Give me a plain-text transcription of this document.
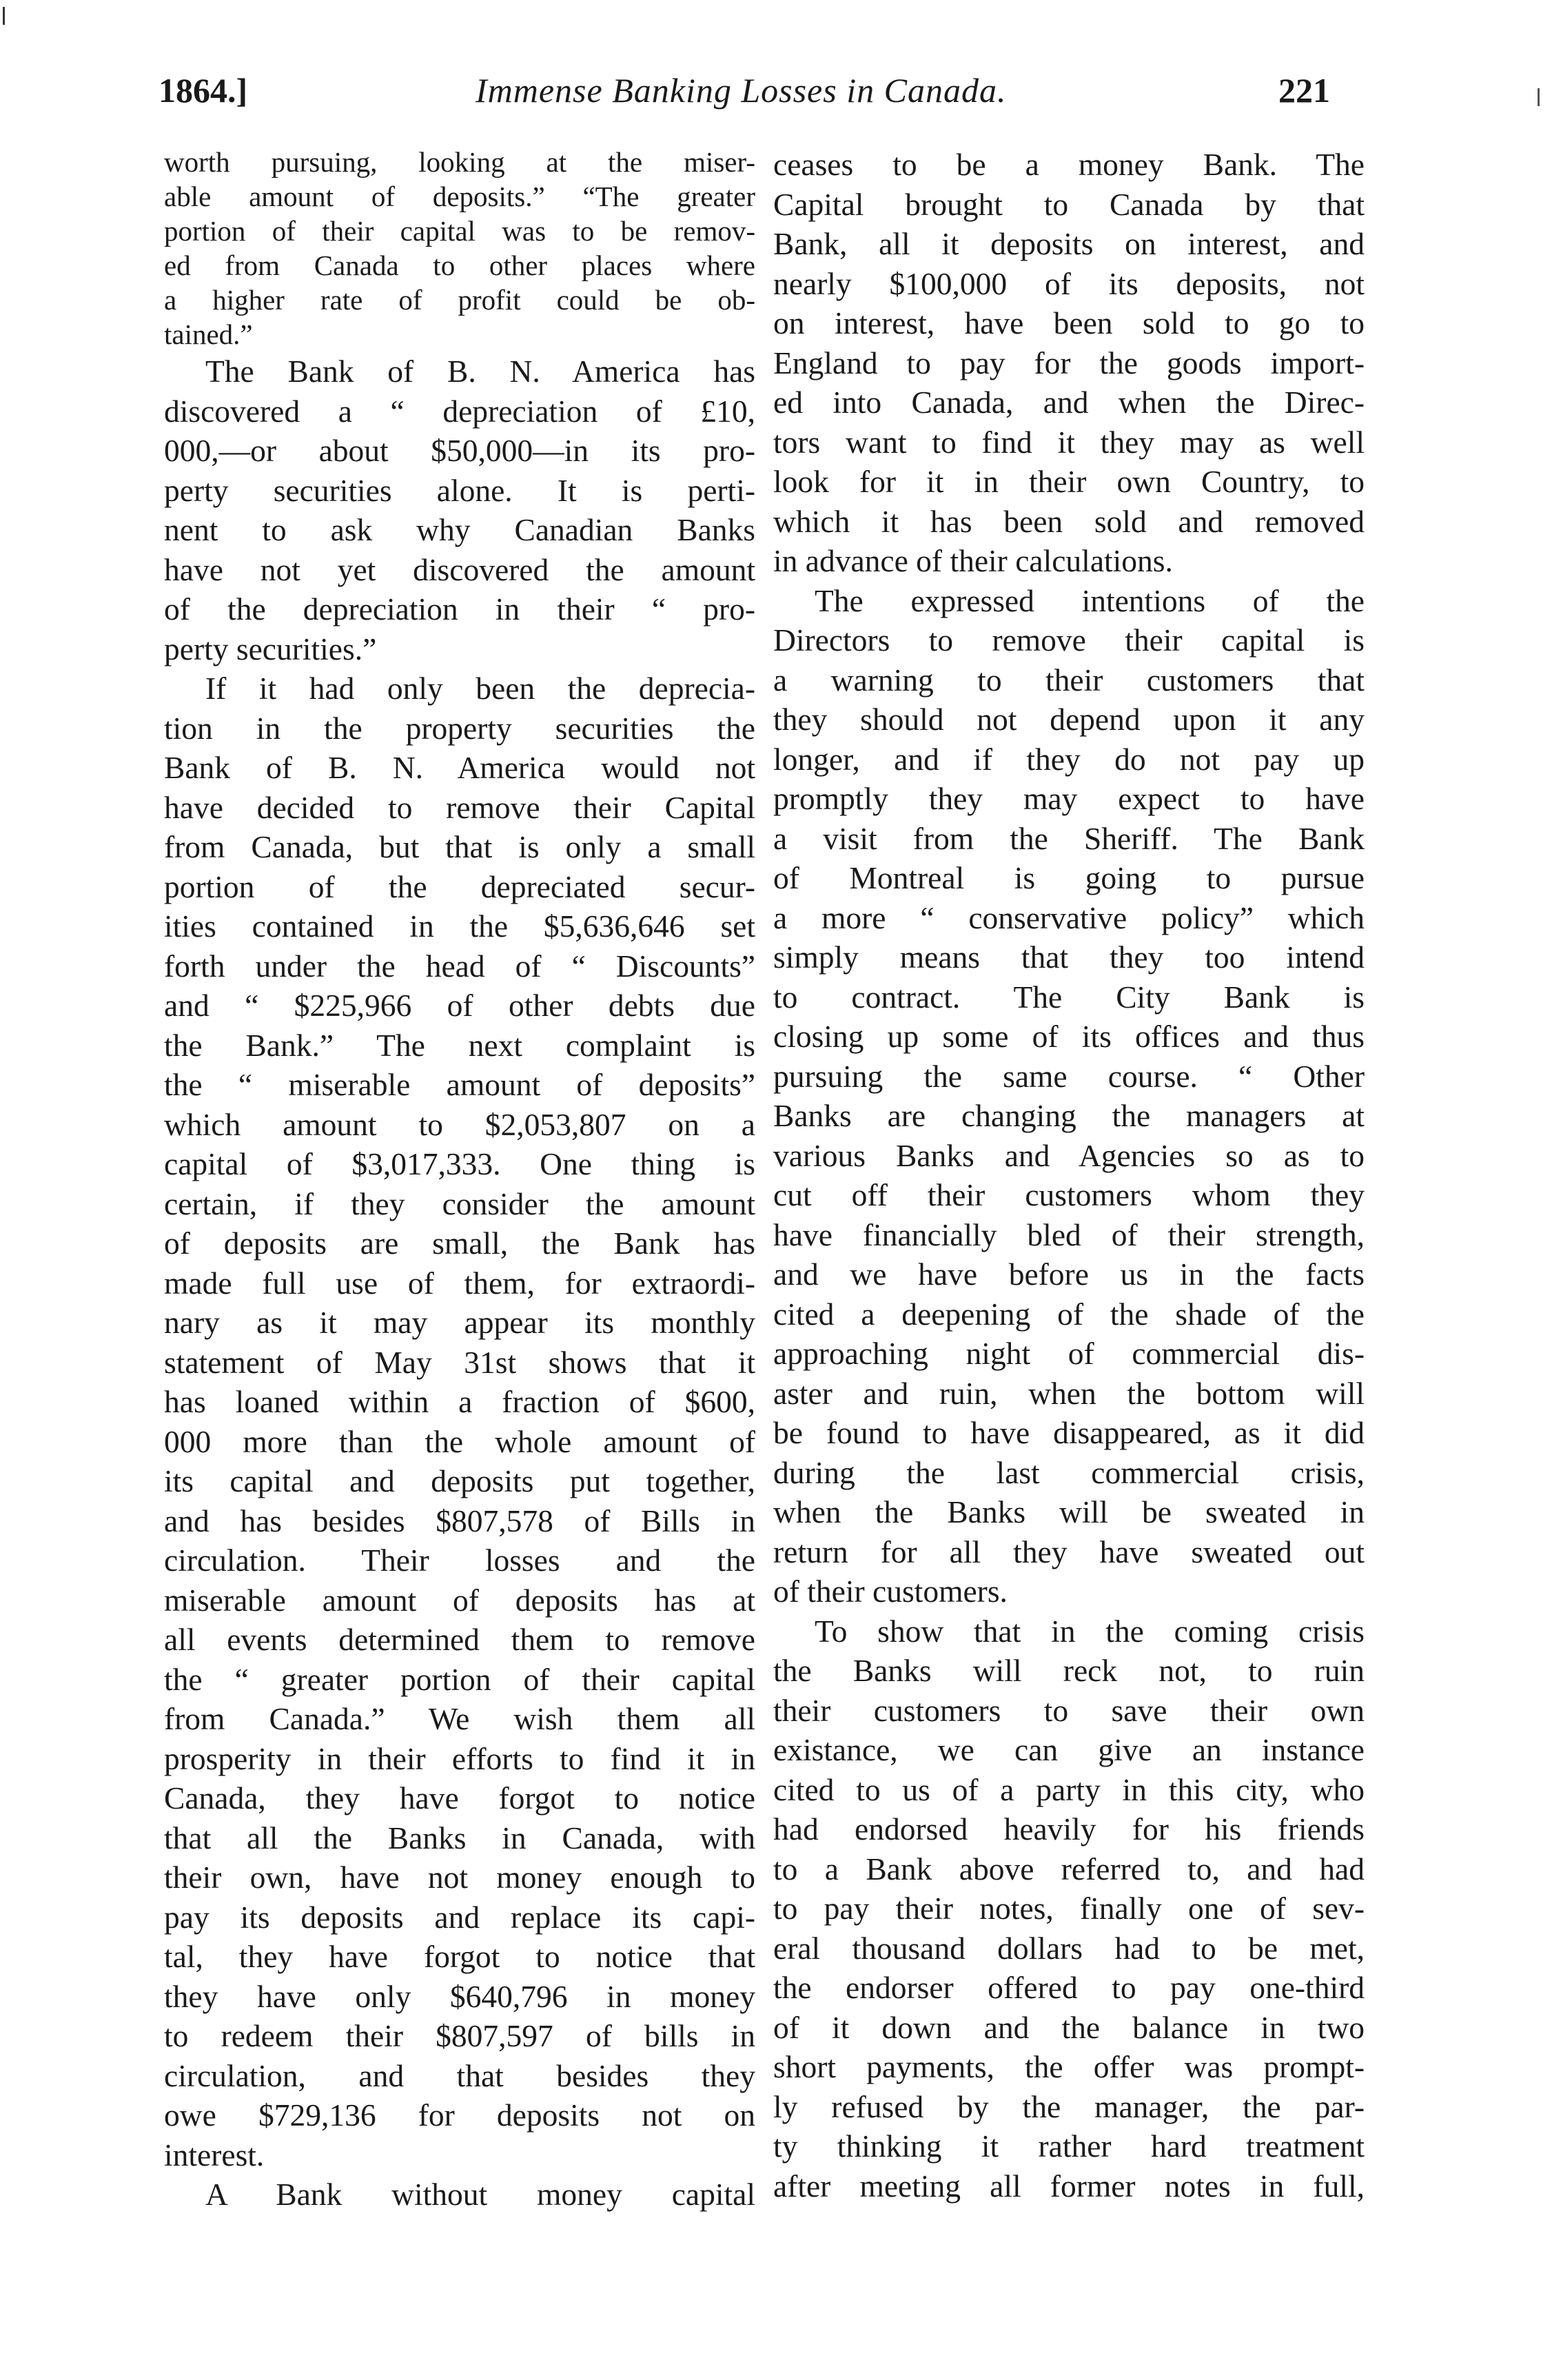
1864.]	Immense Banking Losses in Canada.	221
worth pursuing, looking at the miser-
able amount of deposits.” “The greater
portion of their capital was to be remov-
ed from Canada to other places where
a higher rate of profit could be ob-
tained.”
The Bank of B. N. America has
discovered a “ depreciation of £10,
000,—or about $50,000—in its pro-
perty securities alone. It is perti-
nent to ask why Canadian Banks
have not yet discovered the amount
of the depreciation in their “ pro-
perty securities.”
If it had only been the deprecia-
tion in the property securities the
Bank of B. N. America would not
have decided to remove their Capital
from Canada, but that is only a small
portion of the depreciated secur-
ities contained in the $5,636,646 set
forth under the head of “ Discounts”
and “ $225,966 of other debts due
the Bank.” The next complaint is
the “ miserable amount of deposits”
which amount to $2,053,807 on a
capital of $3,017,333. One thing is
certain, if they consider the amount
of deposits are small, the Bank has
made full use of them, for extraordi-
nary as it may appear its monthly
statement of May 31st shows that it
has loaned within a fraction of $600,
000 more than the whole amount of
its capital and deposits put together,
and has besides $807,578 of Bills in
circulation. Their losses and the
miserable amount of deposits has at
all events determined them to remove
the “ greater portion of their capital
from Canada.” We wish them all
prosperity in their efforts to find it in
Canada, they have forgot to notice
that all the Banks in Canada, with
their own, have not money enough to
pay its deposits and replace its capi-
tal, they have forgot to notice that
they have only $640,796 in money
to redeem their $807,597 of bills in
circulation, and that besides they
owe $729,136 for deposits not on
interest.
A Bank without money capital
ceases to be a money Bank. The
Capital brought to Canada by that
Bank, all it deposits on interest, and
nearly $100,000 of its deposits, not
on interest, have been sold to go to
England to pay for the goods import-
ed into Canada, and when the Direc-
tors want to find it they may as well
look for it in their own Country, to
which it has been sold and removed
in advance of their calculations.
The expressed intentions of the
Directors to remove their capital is
a warning to their customers that
they should not depend upon it any
longer, and if they do not pay up
promptly they may expect to have
a visit from the Sheriff. The Bank
of Montreal is going to pursue
a more “ conservative policy” which
simply means that they too intend
to contract. The City Bank is
closing up some of its offices and thus
pursuing the same course. “ Other
Banks are changing the managers at
various Banks and Agencies so as to
cut off their customers whom they
have financially bled of their strength,
and we have before us in the facts
cited a deepening of the shade of the
approaching night of commercial dis-
aster and ruin, when the bottom will
be found to have disappeared, as it did
during the last commercial crisis,
when the Banks will be sweated in
return for all they have sweated out
of their customers.
To show that in the coming crisis
the Banks will reck not, to ruin
their customers to save their own
existance, we can give an instance
cited to us of a party in this city, who
had endorsed heavily for his friends
to a Bank above referred to, and had
to pay their notes, finally one of sev-
eral thousand dollars had to be met,
the endorser offered to pay one-third
of it down and the balance in two
short payments, the offer was prompt-
ly refused by the manager, the par-
ty thinking it rather hard treatment
after meeting all former notes in full,
